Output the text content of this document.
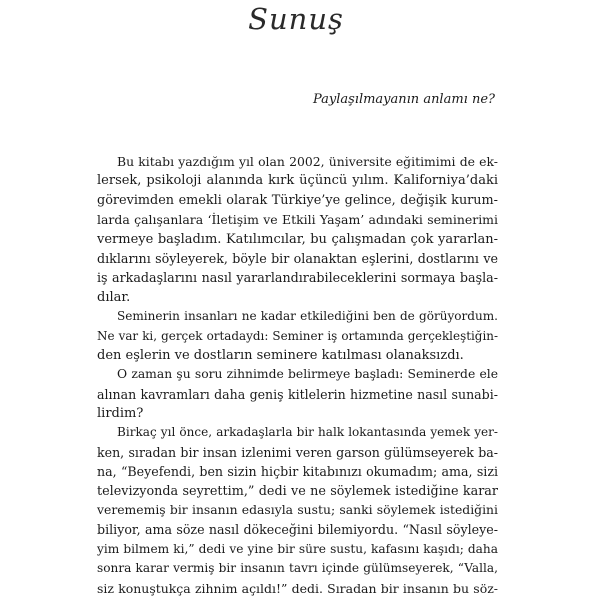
Sunuş

Paylaşılmayanın anlamı ne?

Bu kitabı yazdığım yıl olan 2002, üniversite eğitimimi de ek-
lersek, psikoloji alanında kırk üçüncü yılım. Kaliforniya’daki
görevimden emekli olarak Türkiye’ye gelince, değişik kurum-
larda çalışanlara ‘İletişim ve Etkili Yaşam’ adındaki seminerimi
vermeye başladım. Katılımcılar, bu çalışmadan çok yararlan-
dıklarını söyleyerek, böyle bir olanaktan eşlerini, dostlarını ve
iş arkadaşlarını nasıl yararlandırabileceklerini sormaya başla-
dılar.
Seminerin insanları ne kadar etkilediğini ben de görüyordum.
Ne var ki, gerçek ortadaydı: Seminer iş ortamında gerçekleştiğin-
den eşlerin ve dostların seminere katılması olanaksızdı.
O zaman şu soru zihnimde belirmeye başladı: Seminerde ele
alınan kavramları daha geniş kitlelerin hizmetine nasıl sunabi-
lirdim?
Birkaç yıl önce, arkadaşlarla bir halk lokantasında yemek yer-
ken, sıradan bir insan izlenimi veren garson gülümseyerek ba-
na, “Beyefendi, ben sizin hiçbir kitabınızı okumadım; ama, sizi
televizyonda seyrettim,” dedi ve ne söylemek istediğine karar
verememiş bir insanın edasıyla sustu; sanki söylemek istediğini
biliyor, ama söze nasıl dökeceğini bilemiyordu. “Nasıl söyleye-
yim bilmem ki,” dedi ve yine bir süre sustu, kafasını kaşıdı; daha
sonra karar vermiş bir insanın tavrı içinde gülümseyerek, “Valla,
siz konuştukça zihnim açıldı!” dedi. Sıradan bir insanın bu söz-
